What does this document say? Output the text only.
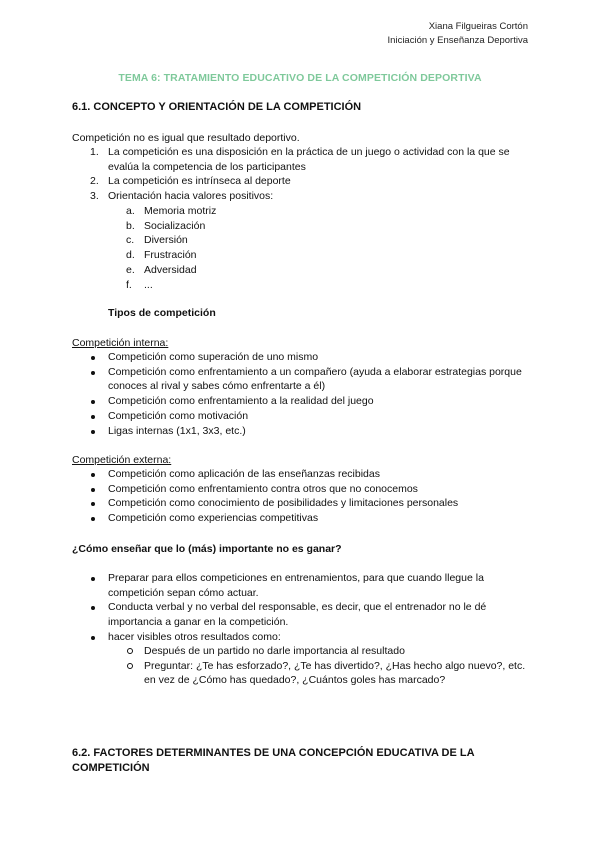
Xiana Filgueiras Cortón
Iniciación y Enseñanza Deportiva
TEMA 6: TRATAMIENTO EDUCATIVO DE LA COMPETICIÓN DEPORTIVA
6.1. CONCEPTO Y ORIENTACIÓN DE LA COMPETICIÓN
Competición no es igual que resultado deportivo.
1. La competición es una disposición en la práctica de un juego o actividad con la que se evalúa la competencia de los participantes
2. La competición es intrínseca al deporte
3. Orientación hacia valores positivos:
a. Memoria motriz
b. Socialización
c. Diversión
d. Frustración
e. Adversidad
f. ...
Tipos de competición
Competición interna:
Competición como superación de uno mismo
Competición como enfrentamiento a un compañero (ayuda a elaborar estrategias porque conoces al rival y sabes cómo enfrentarte a él)
Competición como enfrentamiento a la realidad del juego
Competición como motivación
Ligas internas (1x1, 3x3, etc.)
Competición externa:
Competición como aplicación de las enseñanzas recibidas
Competición como enfrentamiento contra otros que no conocemos
Competición como conocimiento de posibilidades y limitaciones personales
Competición como experiencias competitivas
¿Cómo enseñar que lo (más) importante no es ganar?
Preparar para ellos competiciones en entrenamientos, para que cuando llegue la competición sepan cómo actuar.
Conducta verbal y no verbal del responsable, es decir, que el entrenador no le dé importancia a ganar en la competición.
hacer visibles otros resultados como:
Después de un partido no darle importancia al resultado
Preguntar: ¿Te has esforzado?, ¿Te has divertido?, ¿Has hecho algo nuevo?, etc. en vez de ¿Cómo has quedado?, ¿Cuántos goles has marcado?
6.2. FACTORES DETERMINANTES DE UNA CONCEPCIÓN EDUCATIVA DE LA COMPETICIÓN
